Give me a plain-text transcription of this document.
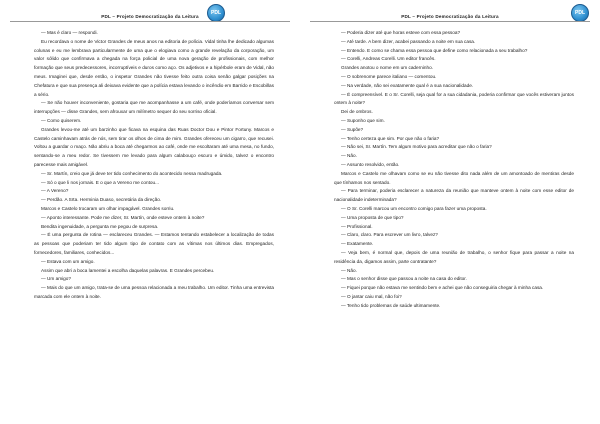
PDL – Projeto Democratização da Leitura
PDL

— Mas é claro — respondi.

Eu recordava o nome de Victor Grandes de meus anos na editoria de polícia. Vidal tinha lhe dedicado algumas colunas e eu me lembrava particularmente de uma que o elogiava como a grande revelação da corporação, um valor sólido que confirmava a chegada na força policial de uma nova geração de profissionais, com melhor formação que seus predecessores, incorruptíveis e duros como aço. Os adjetivos e a hipérbole eram de Vidal, não meus. Imaginei que, desde então, o inspetor Grandes não tivesse feito outra coisa senão galgar posições na Chefatura e que sua presença ali deixava evidente que a polícia estava levando o incêndio em Barrido e Escobillas a sério.

— Se não houver inconveniente, gostaria que me acompanhasse a um café, onde poderíamos conversar sem interrupções — disse Grandes, sem afrouxar um milímetro sequer do seu sorriso oficial.

— Como quiserem.

Grandes levou-me até um barzinho que ficava na esquina das Ruas Doctor Dou e Pintor Fortuny. Marcos e Castelo caminhavam atrás de nós, sem tirar os olhos de cima de mim. Grandes ofereceu um cigarro, que recusei. Voltou a guardar o maço. Não abriu a boca até chegarmos ao café, onde me escoltaram até uma mesa, no fundo, sentando-se a meu redor. Se tivessem me levado para algum calabouço escuro e úmido, talvez o encontro parecesse mais amigável.

— Sr. Martín, creio que já deve ter tido conhecimento do acontecido nessa madrugada.

— Só o que li nos jornais. E o que a Vereno me contou...

— A Vereno?

— Perdão. A Srta. Herminia Duaso, secretária da direção.

Marcos e Castelo trocaram um olhar impagável. Grandes sorriu.

— Aponto interessante. Pode me dizer, Sr. Martín, onde esteve ontem à noite?

Bendita ingenuidade, a pergunta me pegou de surpresa.

— É uma pergunta de rotina — esclareceu Grandes. — Estamos tentando estabelecer a localização de todas as pessoas que poderiam ter tido algum tipo de contato com as vítimas nos últimos dias. Empregados, fornecedores, familiares, conhecidos...

— Estava com um amigo.

Assim que abri a boca lamentei a escolha daquelas palavras. E Grandes percebeu.

— Um amigo?

— Mais do que um amigo, trata-se de uma pessoa relacionada a meu trabalho. Um editor. Tinha uma entrevista marcada com ele ontem à noite.

PDL – Projeto Democratização da Leitura
PDL

— Poderia dizer até que horas esteve com essa pessoa?

— Até tarde. A bem dizer, acabei passando a noite em sua casa.

— Entendo. E como se chama essa pessoa que define como relacionada a seu trabalho?

— Corelli, Andreas Corelli. Um editor francês.

Grandes anotou o nome em um caderninho.

— O sobrenome parece italiano — comentou.

— Na verdade, não sei exatamente qual é a sua nacionalidade.

— É compreensível. E o Sr. Corelli, seja qual for a sua cidadania, poderia confirmar que vocês estiveram juntos ontem à noite?

Dei de ombros.

— Suponho que sim.

— Supõe?

— Tenho certeza que sim. Por que não o faria?

— Não sei, Sr. Martín. Tem algum motivo para acreditar que não o faria?

— Não.

— Assunto resolvido, então.

Marcos e Castelo me olhavam como se eu não tivesse dito nada além de um amontoado de mentiras desde que tínhamos nos sentado.

— Para terminar, poderia esclarecer a natureza da reunião que manteve ontem à noite com esse editor de nacionalidade indeterminada?

— O Sr. Corelli marcou um encontro comigo para fazer uma proposta.

— Uma proposta de que tipo?

— Profissional.

— Claro, claro. Para escrever um livro, talvez?

— Exatamente.

— Veja bem, é normal que, depois de uma reunião de trabalho, o senhor fique para passar a noite na residência da, digamos assim, parte contratante?

— Não.

— Mas o senhor disse que passou a noite na casa do editor.

— Fiquei porque não estava me sentindo bem e achei que não conseguiria chegar à minha casa.

— O jantar caiu mal, não foi?

— Tenho tido problemas de saúde ultimamente.
